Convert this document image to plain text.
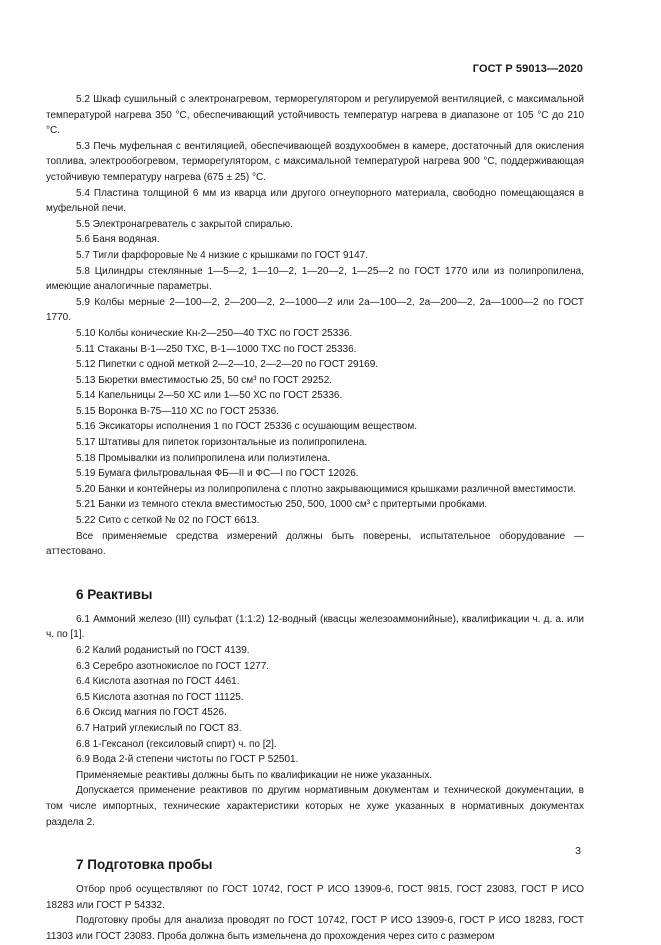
ГОСТ Р 59013—2020
5.2 Шкаф сушильный с электронагревом, терморегулятором и регулируемой вентиляцией, с максимальной температурой нагрева 350 °С, обеспечивающий устойчивость температур нагрева в диапазоне от 105 °С до 210 °С.
5.3 Печь муфельная с вентиляцией, обеспечивающей воздухообмен в камере, достаточный для окисления топлива, электрообогревом, терморегулятором, с максимальной температурой нагрева 900 °С, поддерживающая устойчивую температуру нагрева (675 ± 25) °С.
5.4 Пластина толщиной 6 мм из кварца или другого огнеупорного материала, свободно помещающаяся в муфельной печи.
5.5 Электронагреватель с закрытой спиралью.
5.6 Баня водяная.
5.7 Тигли фарфоровые № 4 низкие с крышками по ГОСТ 9147.
5.8 Цилиндры стеклянные 1—5—2, 1—10—2, 1—20—2, 1—25—2 по ГОСТ 1770 или из полипропилена, имеющие аналогичные параметры.
5.9 Колбы мерные 2—100—2, 2—200—2, 2—1000—2 или 2а—100—2, 2а—200—2, 2а—1000—2 по ГОСТ 1770.
5.10 Колбы конические Кн-2—250—40 ТХС по ГОСТ 25336.
5.11 Стаканы В-1—250 ТХС, В-1—1000 ТХС по ГОСТ 25336.
5.12 Пипетки с одной меткой 2—2—10, 2—2—20 по ГОСТ 29169.
5.13 Бюретки вместимостью 25, 50 см³ по ГОСТ 29252.
5.14 Капельницы 2—50 ХС или 1—50 ХС по ГОСТ 25336.
5.15 Воронка В-75—110 ХС по ГОСТ 25336.
5.16 Эксикаторы исполнения 1 по ГОСТ 25336 с осушающим веществом.
5.17 Штативы для пипеток горизонтальные из полипропилена.
5.18 Промывалки из полипропилена или полиэтилена.
5.19 Бумага фильтровальная ФБ—II и ФС—I по ГОСТ 12026.
5.20 Банки и контейнеры из полипропилена с плотно закрывающимися крышками различной вместимости.
5.21 Банки из темного стекла вместимостью 250, 500, 1000 см³ с притертыми пробками.
5.22 Сито с сеткой № 02 по ГОСТ 6613.
Все применяемые средства измерений должны быть поверены, испытательное оборудование — аттестовано.
6 Реактивы
6.1 Аммоний железо (III) сульфат (1:1:2) 12-водный (квасцы железоаммонийные), квалификации ч. д. а. или ч. по [1].
6.2 Калий роданистый по ГОСТ 4139.
6.3 Серебро азотнокислое по ГОСТ 1277.
6.4 Кислота азотная по ГОСТ 4461.
6.5 Кислота азотная по ГОСТ 11125.
6.6 Оксид магния по ГОСТ 4526.
6.7 Натрий углекислый по ГОСТ 83.
6.8 1-Гексанол (гексиловый спирт) ч. по [2].
6.9 Вода 2-й степени чистоты по ГОСТ Р 52501.
Применяемые реактивы должны быть по квалификации не ниже указанных.
Допускается применение реактивов по другим нормативным документам и технической документации, в том числе импортных, технические характеристики которых не хуже указанных в нормативных документах раздела 2.
7 Подготовка пробы
Отбор проб осуществляют по ГОСТ 10742, ГОСТ Р ИСО 13909-6, ГОСТ 9815, ГОСТ 23083, ГОСТ Р ИСО 18283 или ГОСТ Р 54332.
Подготовку пробы для анализа проводят по ГОСТ 10742, ГОСТ Р ИСО 13909-6, ГОСТ Р ИСО 18283, ГОСТ 11303 или ГОСТ 23083. Проба должна быть измельчена до прохождения через сито с размером
3
